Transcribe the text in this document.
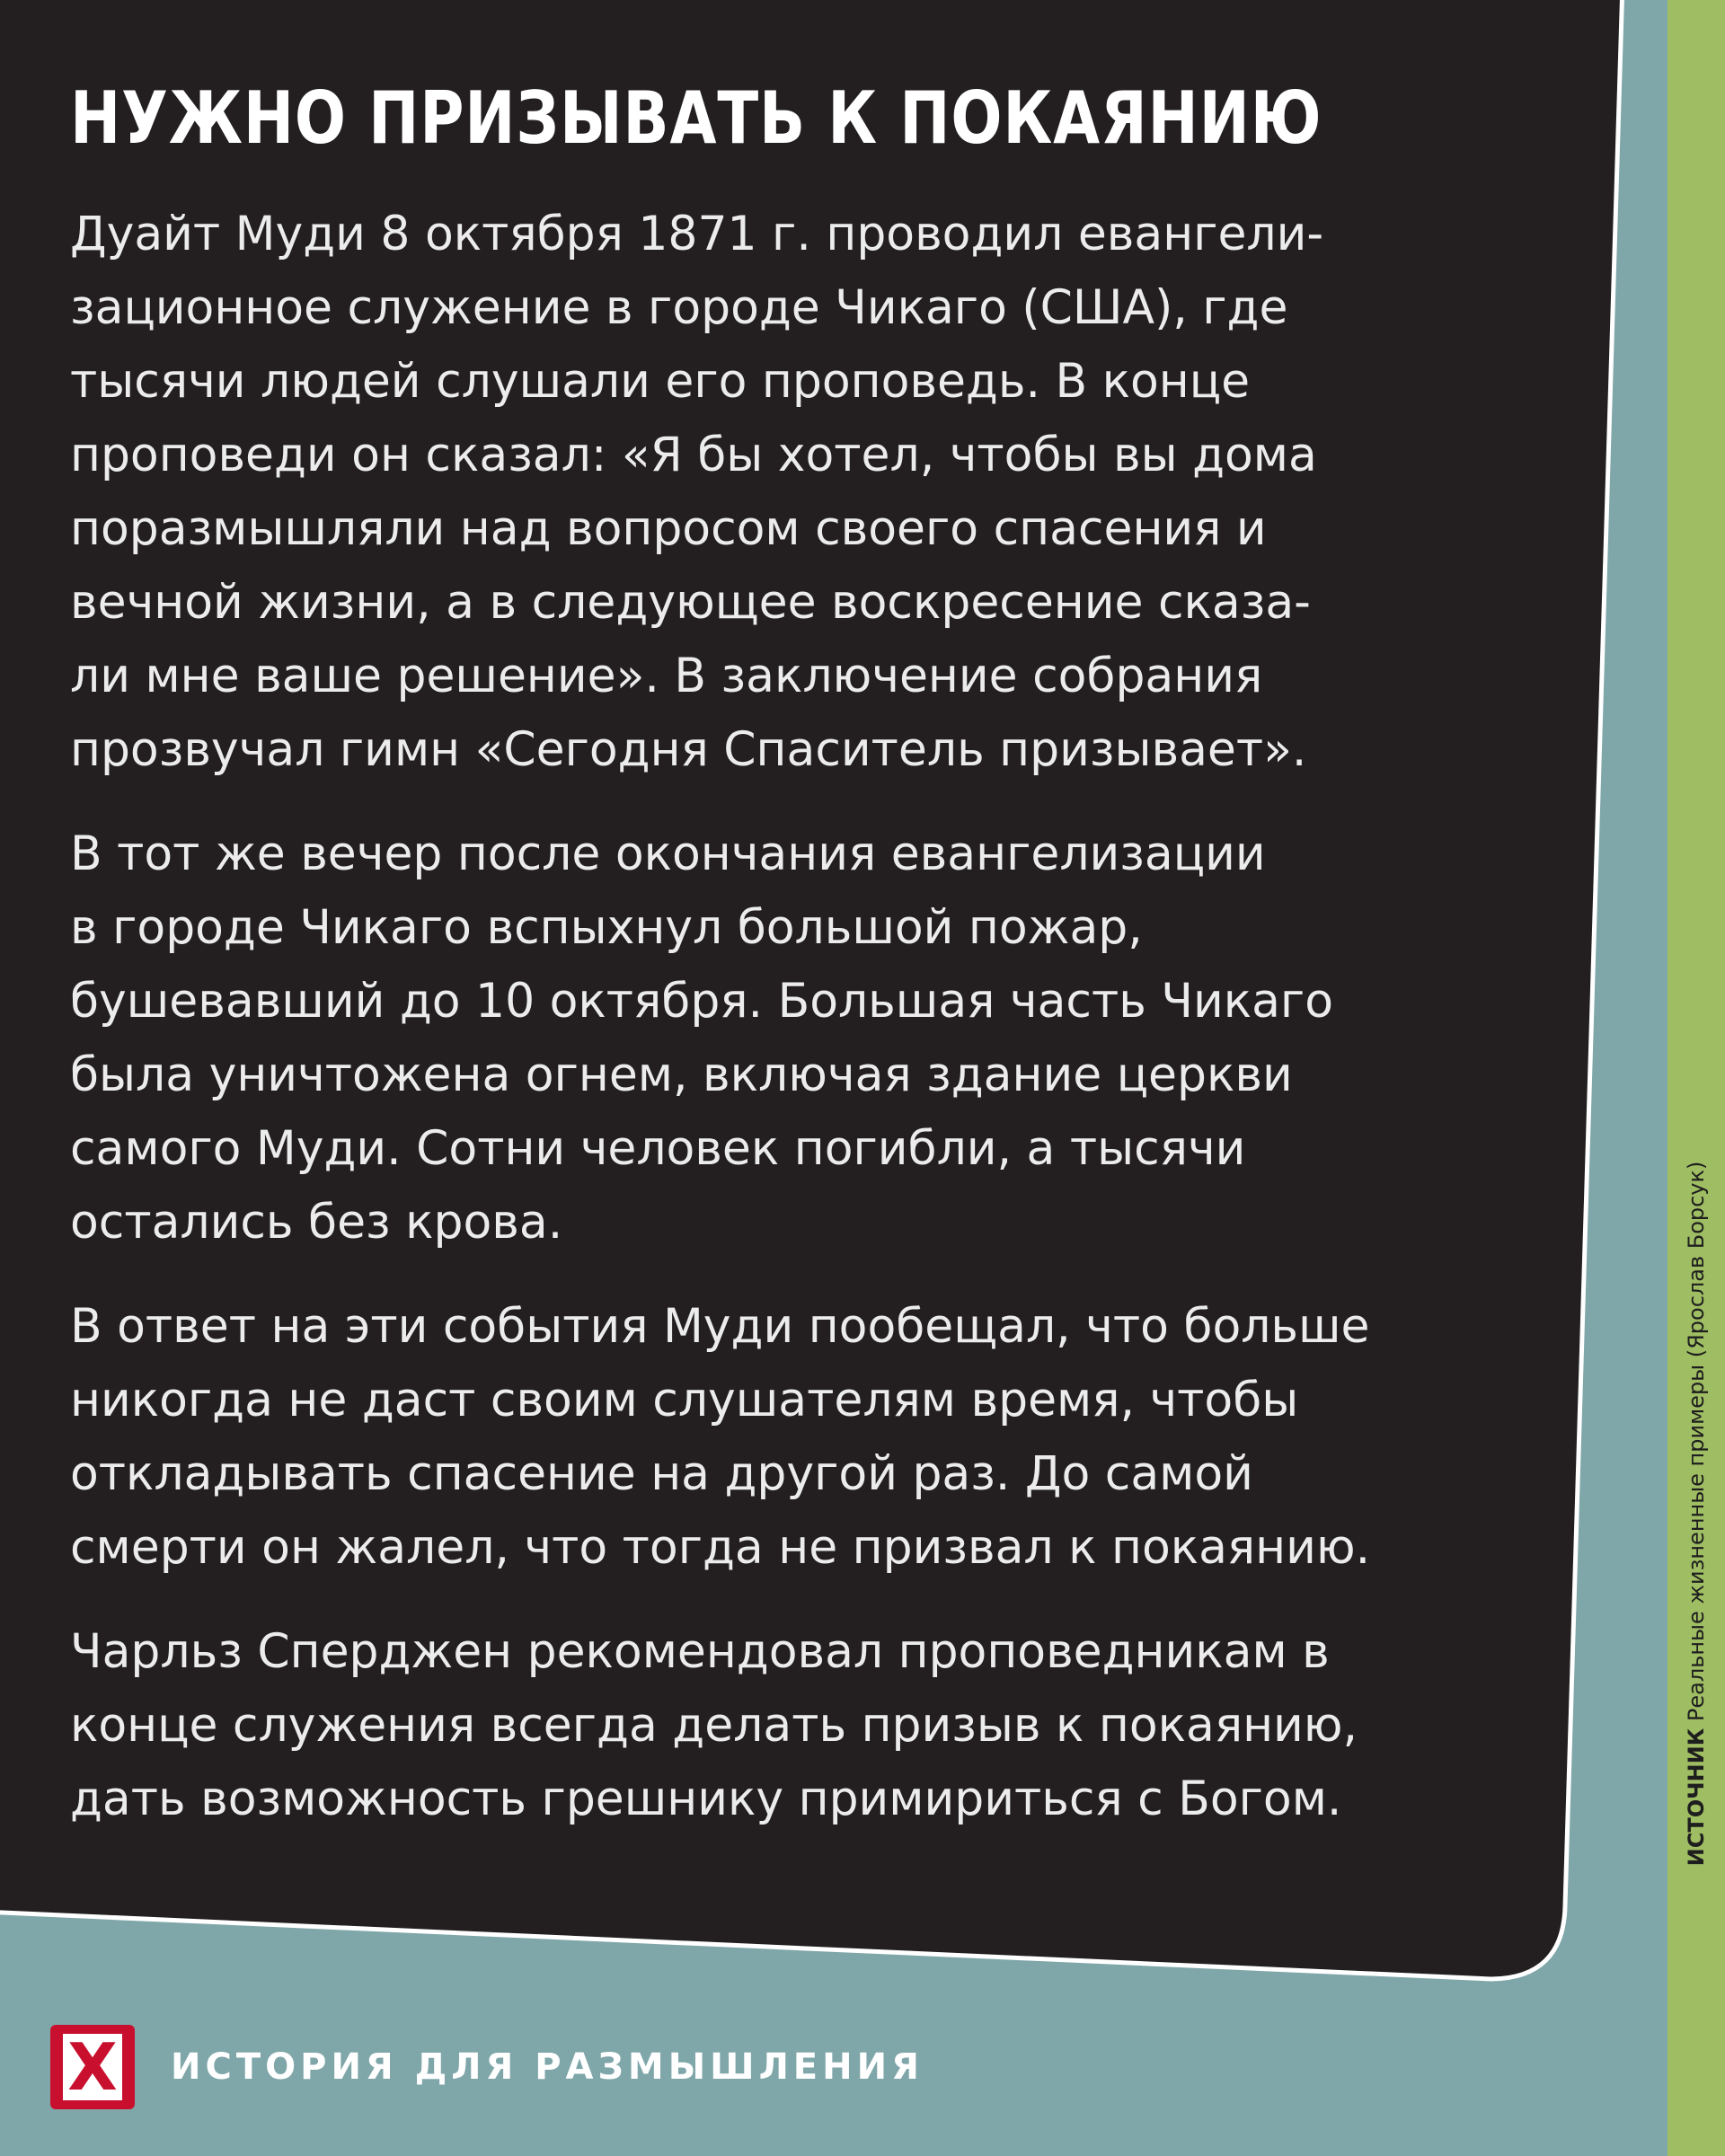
ИСТОЧНИК Реальные жизненные примеры (Ярослав Борсук)
НУЖНО ПРИЗЫВАТЬ К ПОКАЯНИЮ
Дуайт Муди 8 октября 1871 г. проводил евангели-
зационное служение в городе Чикаго (США), где
тысячи людей слушали его проповедь. В конце
проповеди он сказал: «Я бы хотел, чтобы вы дома
поразмышляли над вопросом своего спасения и
вечной жизни, а в следующее воскресение сказа-
ли мне ваше решение». В заключение собрания
прозвучал гимн «Сегодня Спаситель призывает».
В тот же вечер после окончания евангелизации
в городе Чикаго вспыхнул большой пожар,
бушевавший до 10 октября. Большая часть Чикаго
была уничтожена огнем, включая здание церкви
самого Муди. Сотни человек погибли, а тысячи
остались без крова.
В ответ на эти события Муди пообещал, что больше
никогда не даст своим слушателям время, чтобы
откладывать спасение на другой раз. До самой
смерти он жалел, что тогда не призвал к покаянию.
Чарльз Сперджен рекомендовал проповедникам в
конце служения всегда делать призыв к покаянию,
дать возможность грешнику примириться с Богом.
X ИСТОРИЯ ДЛЯ РАЗМЫШЛЕНИЯ
